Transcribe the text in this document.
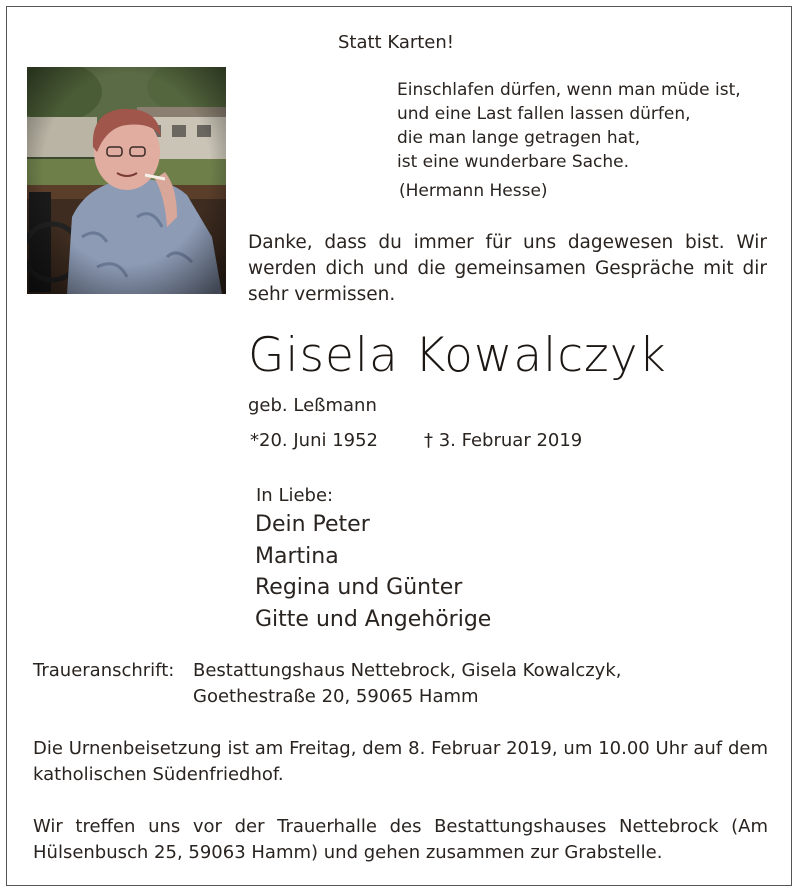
Statt Karten!
Einschlafen dürfen, wenn man müde ist,
und eine Last fallen lassen dürfen,
die man lange getragen hat,
ist eine wunderbare Sache.
(Hermann Hesse)
Danke, dass du immer für uns dagewesen bist. Wir werden dich und die gemeinsamen Gespräche mit dir sehr vermissen.
Gisela Kowalczyk
geb. Leßmann
*20. Juni 1952	† 3. Februar 2019
In Liebe:
Dein Peter
Martina
Regina und Günter
Gitte und Angehörige
Traueranschrift: Bestattungshaus Nettebrock, Gisela Kowalczyk,
Goethestraße 20, 59065 Hamm
Die Urnenbeisetzung ist am Freitag, dem 8. Februar 2019, um 10.00 Uhr auf dem katholischen Südenfriedhof.
Wir treffen uns vor der Trauerhalle des Bestattungshauses Nettebrock (Am Hülsenbusch 25, 59063 Hamm) und gehen zusammen zur Grabstelle.
